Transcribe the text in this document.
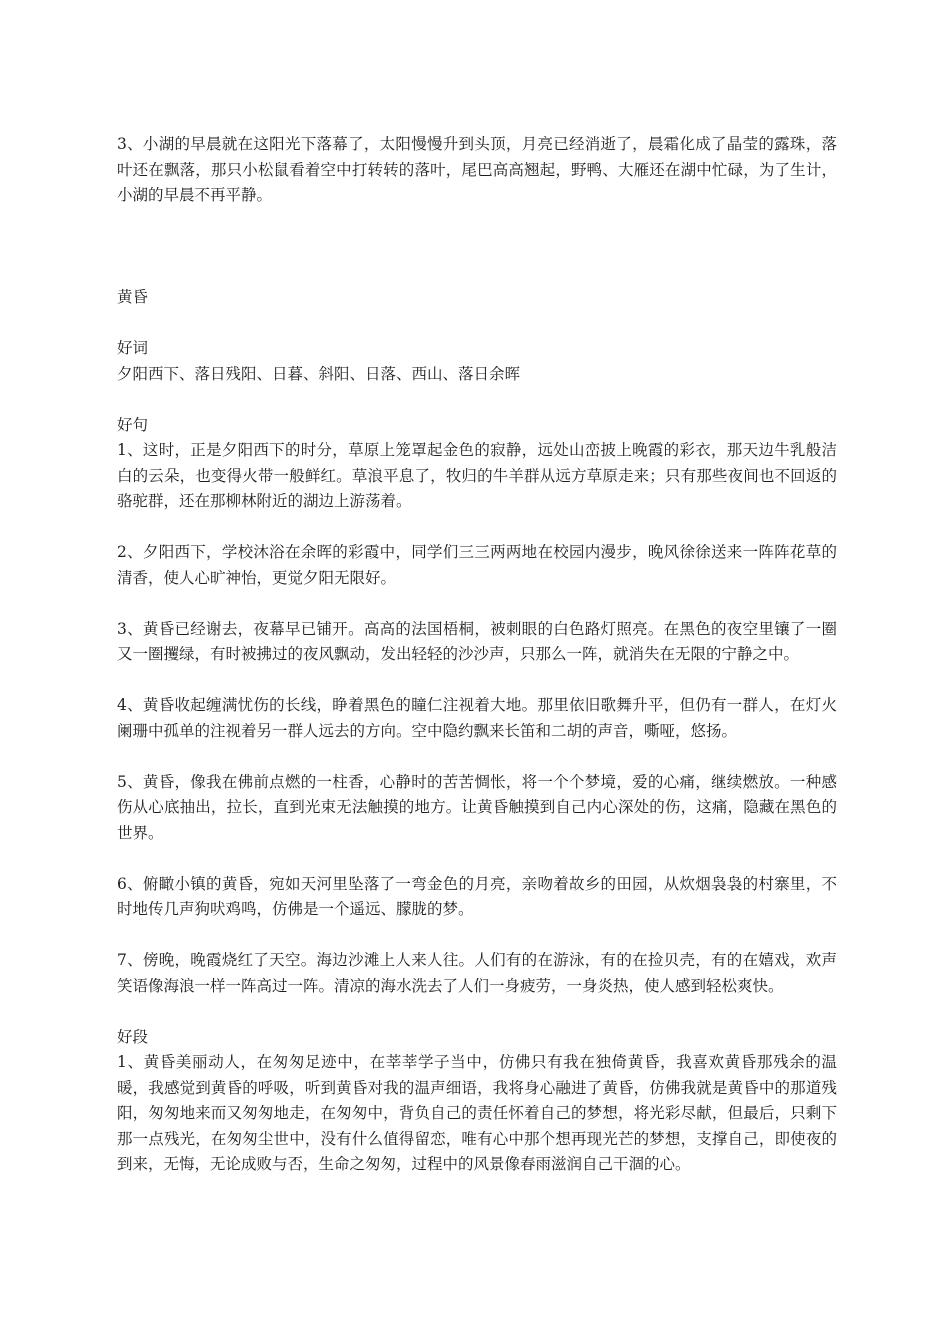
3、小湖的早晨就在这阳光下落幕了，太阳慢慢升到头顶，月亮已经消逝了，晨霜化成了晶莹的露珠，落叶还在飘落，那只小松鼠看着空中打转转的落叶，尾巴高高翘起，野鸭、大雁还在湖中忙碌，为了生计，小湖的早晨不再平静。

黄昏

好词

夕阳西下、落日残阳、日暮、斜阳、日落、西山、落日余晖

好句

1、这时，正是夕阳西下的时分，草原上笼罩起金色的寂静，远处山峦披上晚霞的彩衣，那天边牛乳般洁白的云朵，也变得火带一般鲜红。草浪平息了，牧归的牛羊群从远方草原走来；只有那些夜间也不回返的骆驼群，还在那柳林附近的湖边上游荡着。

2、夕阳西下，学校沐浴在余晖的彩霞中，同学们三三两两地在校园内漫步，晚风徐徐送来一阵阵花草的清香，使人心旷神怡，更觉夕阳无限好。

3、黄昏已经谢去，夜幕早已铺开。高高的法国梧桐，被刺眼的白色路灯照亮。在黑色的夜空里镶了一圈又一圈攫绿，有时被拂过的夜风飘动，发出轻轻的沙沙声，只那么一阵，就消失在无限的宁静之中。

4、黄昏收起缠满忧伤的长线，睁着黑色的瞳仁注视着大地。那里依旧歌舞升平，但仍有一群人，在灯火阑珊中孤单的注视着另一群人远去的方向。空中隐约飘来长笛和二胡的声音，嘶哑，悠扬。

5、黄昏，像我在佛前点燃的一柱香，心静时的苦苦惆怅，将一个个梦境，爱的心痛，继续燃放。一种感伤从心底抽出，拉长，直到光束无法触摸的地方。让黄昏触摸到自己内心深处的伤，这痛，隐藏在黑色的世界。

6、俯瞰小镇的黄昏，宛如天河里坠落了一弯金色的月亮，亲吻着故乡的田园，从炊烟袅袅的村寨里，不时地传几声狗吠鸡鸣，仿佛是一个遥远、朦胧的梦。

7、傍晚，晚霞烧红了天空。海边沙滩上人来人往。人们有的在游泳，有的在捡贝壳，有的在嬉戏，欢声笑语像海浪一样一阵高过一阵。清凉的海水洗去了人们一身疲劳，一身炎热，使人感到轻松爽快。

好段

1、黄昏美丽动人，在匆匆足迹中，在莘莘学子当中，仿佛只有我在独倚黄昏，我喜欢黄昏那残余的温暖，我感觉到黄昏的呼吸，听到黄昏对我的温声细语，我将身心融进了黄昏，仿佛我就是黄昏中的那道残阳，匆匆地来而又匆匆地走，在匆匆中，背负自己的责任怀着自己的梦想，将光彩尽献，但最后，只剩下那一点残光，在匆匆尘世中，没有什么值得留恋，唯有心中那个想再现光芒的梦想，支撑自己，即使夜的到来，无悔，无论成败与否，生命之匆匆，过程中的风景像春雨滋润自己干涸的心。
